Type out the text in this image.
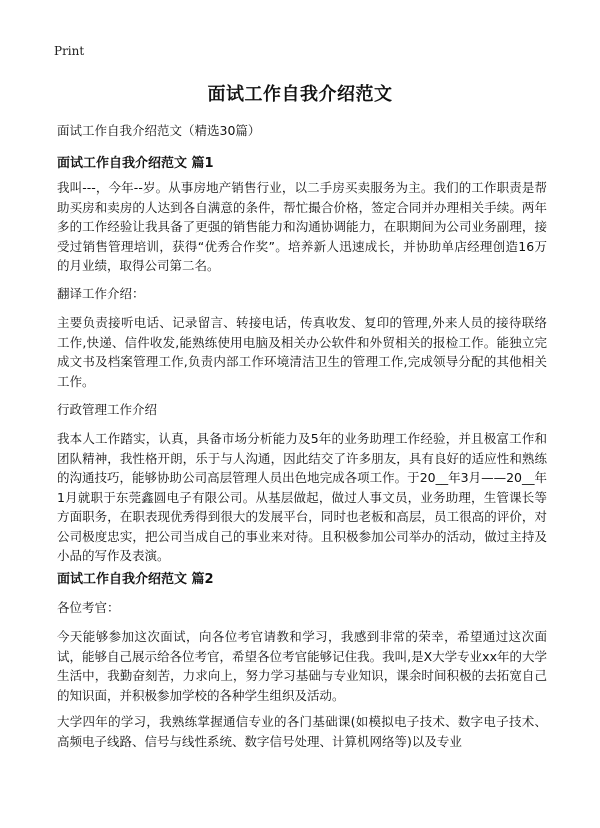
Print
面试工作自我介绍范文
面试工作自我介绍范文（精选30篇）
面试工作自我介绍范文 篇1
我叫---，今年--岁。从事房地产销售行业，以二手房买卖服务为主。我们的工作职责是帮助买房和卖房的人达到各自满意的条件，帮忙撮合价格，签定合同并办理相关手续。两年多的工作经验让我具备了更强的销售能力和沟通协调能力，在职期间为公司业务副理，接受过销售管理培训，获得“优秀合作奖”。培养新人迅速成长，并协助单店经理创造16万的月业绩，取得公司第二名。
翻译工作介绍：
主要负责接听电话、记录留言、转接电话，传真收发、复印的管理,外来人员的接待联络工作,快递、信件收发,能熟练使用电脑及相关办公软件和外贸相关的报检工作。能独立完成文书及档案管理工作,负责内部工作环境清洁卫生的管理工作,完成领导分配的其他相关工作。
行政管理工作介绍
我本人工作踏实，认真，具备市场分析能力及5年的业务助理工作经验，并且极富工作和团队精神，我性格开朗，乐于与人沟通，因此结交了许多朋友，具有良好的适应性和熟练的沟通技巧，能够协助公司高层管理人员出色地完成各项工作。于20__年3月——20__年1月就职于东莞鑫圆电子有限公司。从基层做起，做过人事文员，业务助理，生管课长等方面职务，在职表现优秀得到很大的发展平台，同时也老板和高层，员工很高的评价，对公司极度忠实，把公司当成自己的事业来对待。且积极参加公司举办的活动，做过主持及小品的写作及表演。
面试工作自我介绍范文 篇2
各位考官：
今天能够参加这次面试，向各位考官请教和学习，我感到非常的荣幸，希望通过这次面试，能够自己展示给各位考官，希望各位考官能够记住我。我叫,是X大学专业xx年的大学生活中，我勤奋刻苦，力求向上，努力学习基础与专业知识，课余时间积极的去拓宽自己的知识面，并积极参加学校的各种学生组织及活动。
大学四年的学习，我熟练掌握通信专业的各门基础课(如模拟电子技术、数字电子技术、高频电子线路、信号与线性系统、数字信号处理、计算机网络等)以及专业
